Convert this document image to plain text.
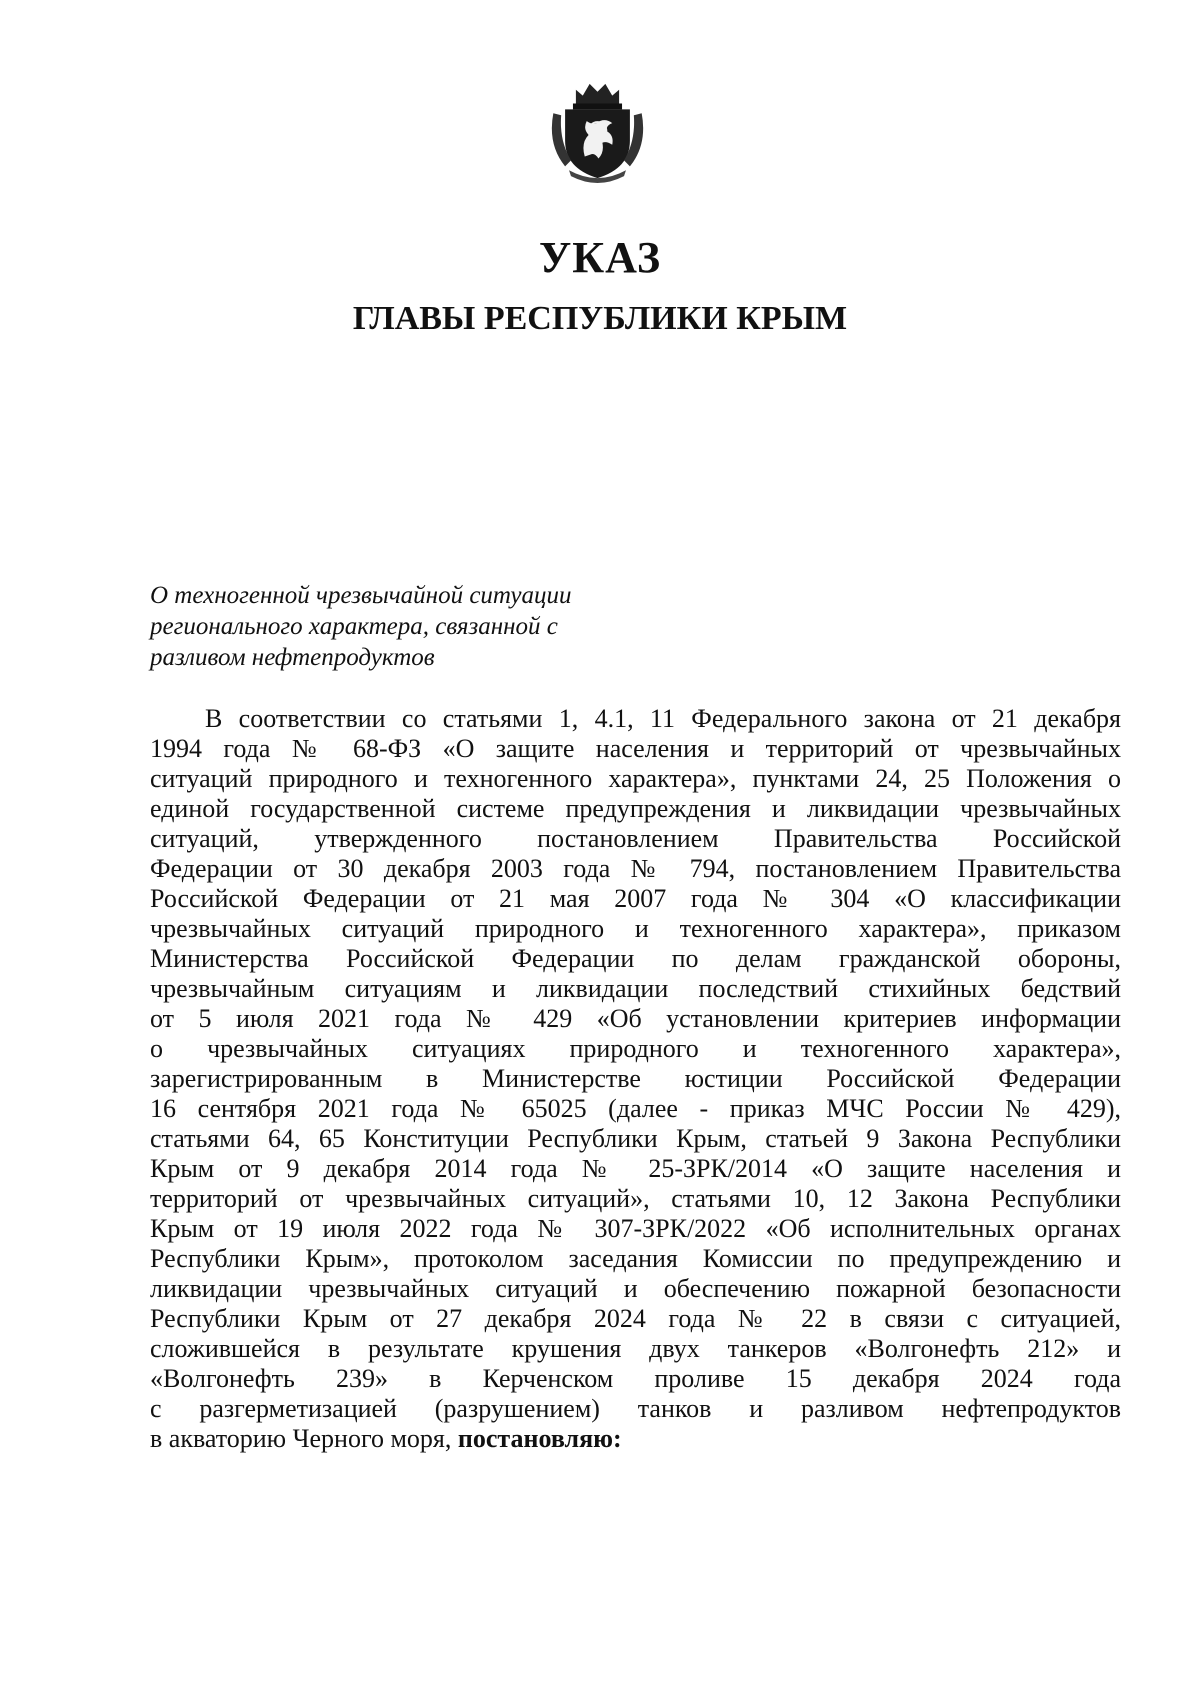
УКАЗ
ГЛАВЫ РЕСПУБЛИКИ КРЫМ
О техногенной чрезвычайной ситуации
регионального характера, связанной с
разливом нефтепродуктов
В соответствии со статьями 1, 4.1, 11 Федерального закона от 21 декабря
1994 года № 68-ФЗ «О защите населения и территорий от чрезвычайных
ситуаций природного и техногенного характера», пунктами 24, 25 Положения о
единой государственной системе предупреждения и ликвидации чрезвычайных
ситуаций, утвержденного постановлением Правительства Российской
Федерации от 30 декабря 2003 года № 794, постановлением Правительства
Российской Федерации от 21 мая 2007 года № 304 «О классификации
чрезвычайных ситуаций природного и техногенного характера», приказом
Министерства Российской Федерации по делам гражданской обороны,
чрезвычайным ситуациям и ликвидации последствий стихийных бедствий
от 5 июля 2021 года № 429 «Об установлении критериев информации
о чрезвычайных ситуациях природного и техногенного характера»,
зарегистрированным в Министерстве юстиции Российской Федерации
16 сентября 2021 года № 65025 (далее - приказ МЧС России № 429),
статьями 64, 65 Конституции Республики Крым, статьей 9 Закона Республики
Крым от 9 декабря 2014 года № 25-ЗРК/2014 «О защите населения и
территорий от чрезвычайных ситуаций», статьями 10, 12 Закона Республики
Крым от 19 июля 2022 года № 307-ЗРК/2022 «Об исполнительных органах
Республики Крым», протоколом заседания Комиссии по предупреждению и
ликвидации чрезвычайных ситуаций и обеспечению пожарной безопасности
Республики Крым от 27 декабря 2024 года № 22 в связи с ситуацией,
сложившейся в результате крушения двух танкеров «Волгонефть 212» и
«Волгонефть 239» в Керченском проливе 15 декабря 2024 года
с разгерметизацией (разрушением) танков и разливом нефтепродуктов
в акваторию Черного моря, постановляю:
